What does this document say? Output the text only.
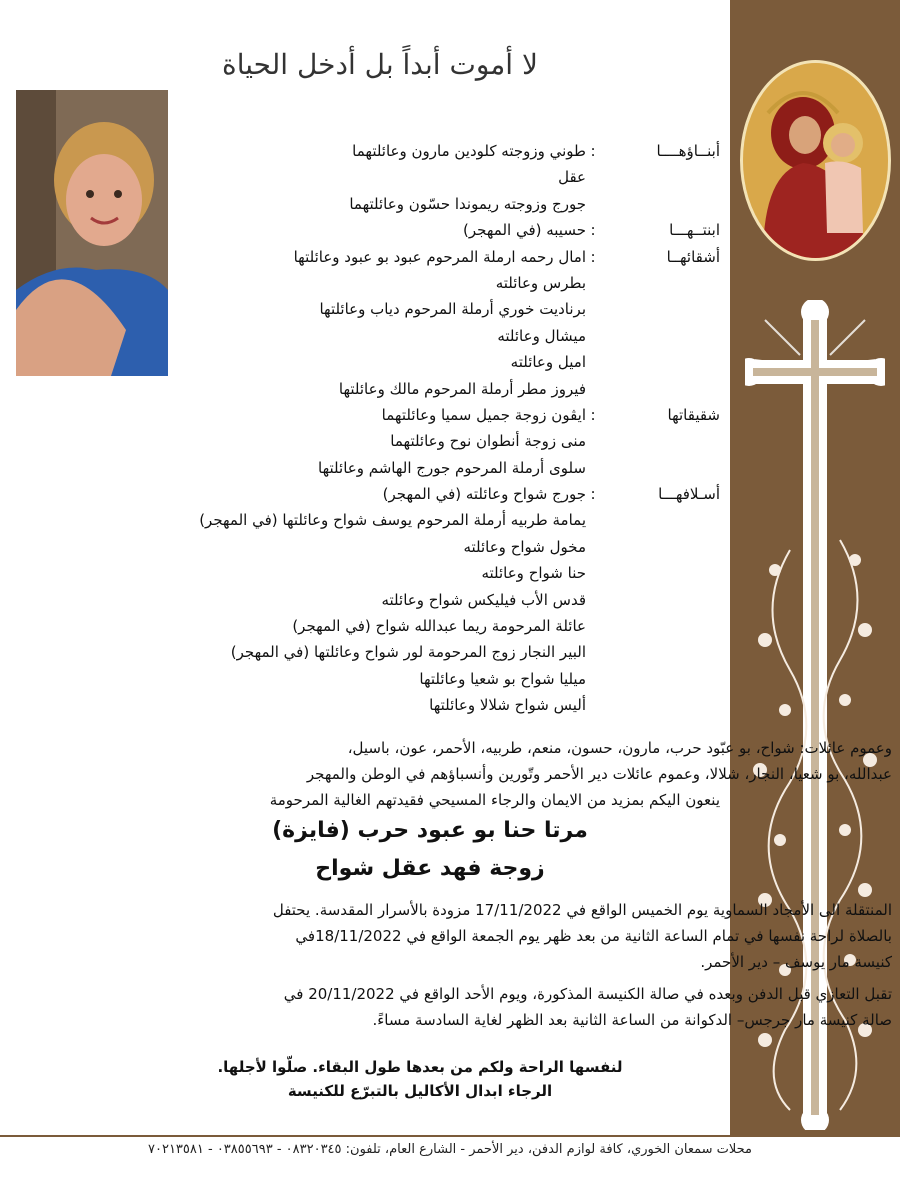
لا أموت أبداً بل أدخل الحياة
أبنــاؤهــــا
:
طوني وزوجته كلودين مارون وعائلتهما
عقل
جورج وزوجته ريموندا حسّون وعائلتهما
ابنتــهـــا
:
حسيبه (في المهجر)
أشقائهــا
:
امال رحمه ارملة المرحوم عبود بو عبود وعائلتها
بطرس وعائلته
برناديت خوري أرملة المرحوم دياب وعائلتها
ميشال وعائلته
اميل وعائلته
فيروز مطر أرملة المرحوم مالك وعائلتها
شقيقاتها
:
ايڤون زوجة جميل سميا وعائلتهما
منى زوجة أنطوان نوح وعائلتهما
سلوى أرملة المرحوم جورج الهاشم وعائلتها
أسـلافهـــا
:
جورج شواح وعائلته (في المهجر)
يمامة طربيه أرملة المرحوم يوسف شواح وعائلتها (في المهجر)
مخول شواح وعائلته
حنا شواح وعائلته
قدس الأب فيليكس شواح وعائلته
عائلة المرحومة ريما عبدالله شواح (في المهجر)
البير النجار زوج المرحومة لور شواح وعائلتها (في المهجر)
ميليا شواح بو شعيا وعائلتها
أليس شواح شلالا وعائلتها
وعموم عائلات: شواح، بو عبّود حرب، مارون، حسون، منعم، طربيه، الأحمر، عون، باسيل،
عبدالله، بو شعيا، النجار، شلالا، وعموم عائلات دير الأحمر وتّورين وأنسباؤهم في الوطن والمهجر
ينعون اليكم بمزيد من الايمان والرجاء المسيحي فقيدتهم الغالية المرحومة
مرتا حنا بو عبود حرب (فايزة)
زوجة فهد عقل شواح
المنتقلة الى الأمجاد السماوية يوم الخميس الواقع في 17/11/2022 مزودة بالأسرار المقدسة. يحتفل
بالصلاة لراحة نفسها في تمام الساعة الثانية من بعد ظهر يوم الجمعة الواقع في 18/11/2022في
كنيسة مار يوسف – دير الأحمر.
تقبل التعازي قبل الدفن وبعده في صالة الكنيسة المذكورة، ويوم الأحد الواقع في 20/11/2022 في
صالة كنيسة مار جرجس– الدكوانة من الساعة الثانية بعد الظهر لغاية السادسة مساءً.
لنفسها الراحة ولكم من بعدها طول البقاء. صلّوا لأجلها.
الرجاء ابدال الأكاليل بالتبرّع للكنيسة
محلات سمعان الخوري، كافة لوازم الدفن، دير الأحمر - الشارع العام، تلفون: ٠٨٣٢٠٣٤٥ - ٠٣٨٥٥٦٩٣ - ٧٠٢١٣٥٨١
